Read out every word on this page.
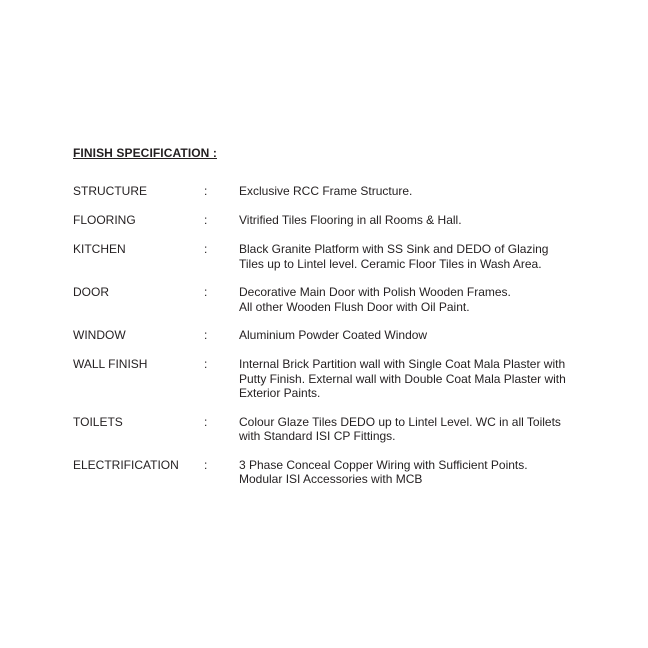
FINISH SPECIFICATION :
STRUCTURE	:	Exclusive RCC Frame Structure.
FLOORING	:	Vitrified Tiles Flooring in all Rooms & Hall.
KITCHEN	:	Black Granite Platform with SS Sink and DEDO of Glazing
Tiles up to Lintel level. Ceramic Floor Tiles in Wash Area.
DOOR	:	Decorative Main Door with Polish Wooden Frames.
All other Wooden Flush Door with Oil Paint.
WINDOW	:	Aluminium Powder Coated Window
WALL FINISH	:	Internal Brick Partition wall with Single Coat Mala Plaster with
Putty Finish. External wall with Double Coat Mala Plaster with
Exterior Paints.
TOILETS	:	Colour Glaze Tiles DEDO up to Lintel Level. WC in all Toilets
with Standard ISI CP Fittings.
ELECTRIFICATION :	3 Phase Conceal Copper Wiring with Sufficient Points.
Modular ISI Accessories with MCB
